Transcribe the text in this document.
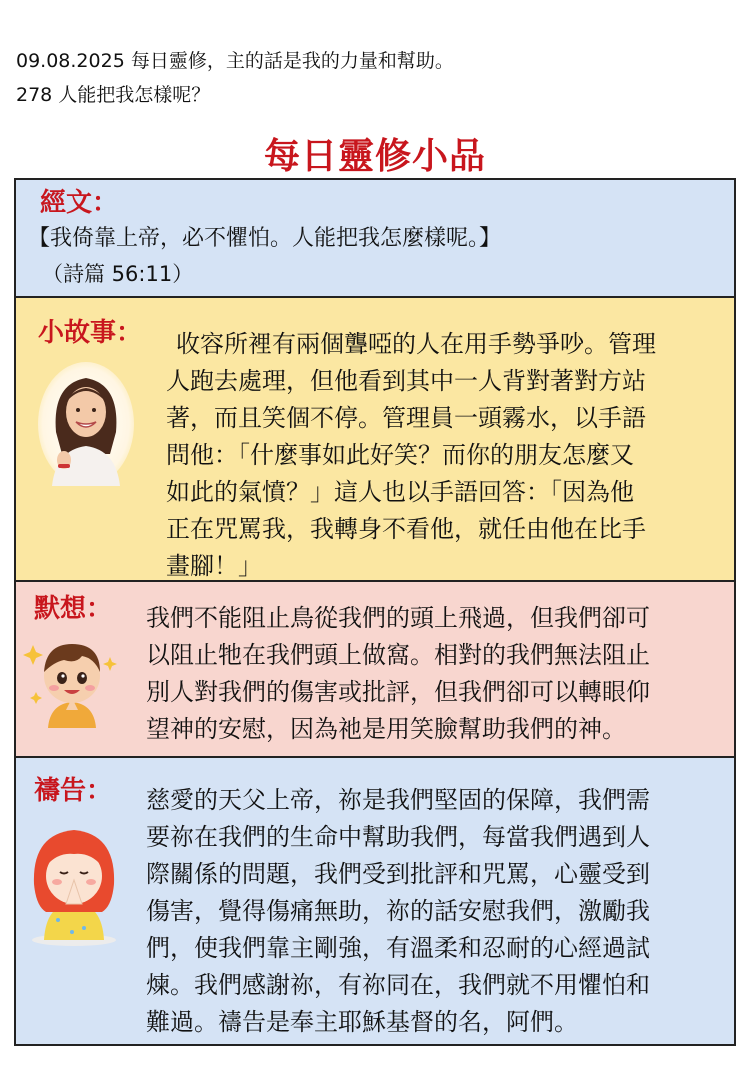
09.08.2025 每日靈修，主的話是我的力量和幫助。
278 人能把我怎樣呢？
每日靈修小品
經文：
【我倚靠上帝，必不懼怕。人能把我怎麼樣呢。】
（詩篇 56:11）
小故事：	收容所裡有兩個聾啞的人在用手勢爭吵。管理
人跑去處理，但他看到其中一人背對著對方站
著，而且笑個不停。管理員一頭霧水，以手語
問他：「什麼事如此好笑？而你的朋友怎麼又
如此的氣憤？」這人也以手語回答：「因為他
正在咒罵我，我轉身不看他，就任由他在比手
畫腳！」
默想： 我們不能阻止鳥從我們的頭上飛過，但我們卻可
以阻止牠在我們頭上做窩。相對的我們無法阻止
別人對我們的傷害或批評，但我們卻可以轉眼仰
望神的安慰，因為祂是用笑臉幫助我們的神。
禱告： 慈愛的天父上帝，祢是我們堅固的保障，我們需
要祢在我們的生命中幫助我們，每當我們遇到人
際關係的問題，我們受到批評和咒罵，心靈受到
傷害，覺得傷痛無助，祢的話安慰我們，激勵我
們，使我們靠主剛強，有溫柔和忍耐的心經過試
煉。我們感謝祢，有祢同在，我們就不用懼怕和
難過。禱告是奉主耶穌基督的名，阿們。
